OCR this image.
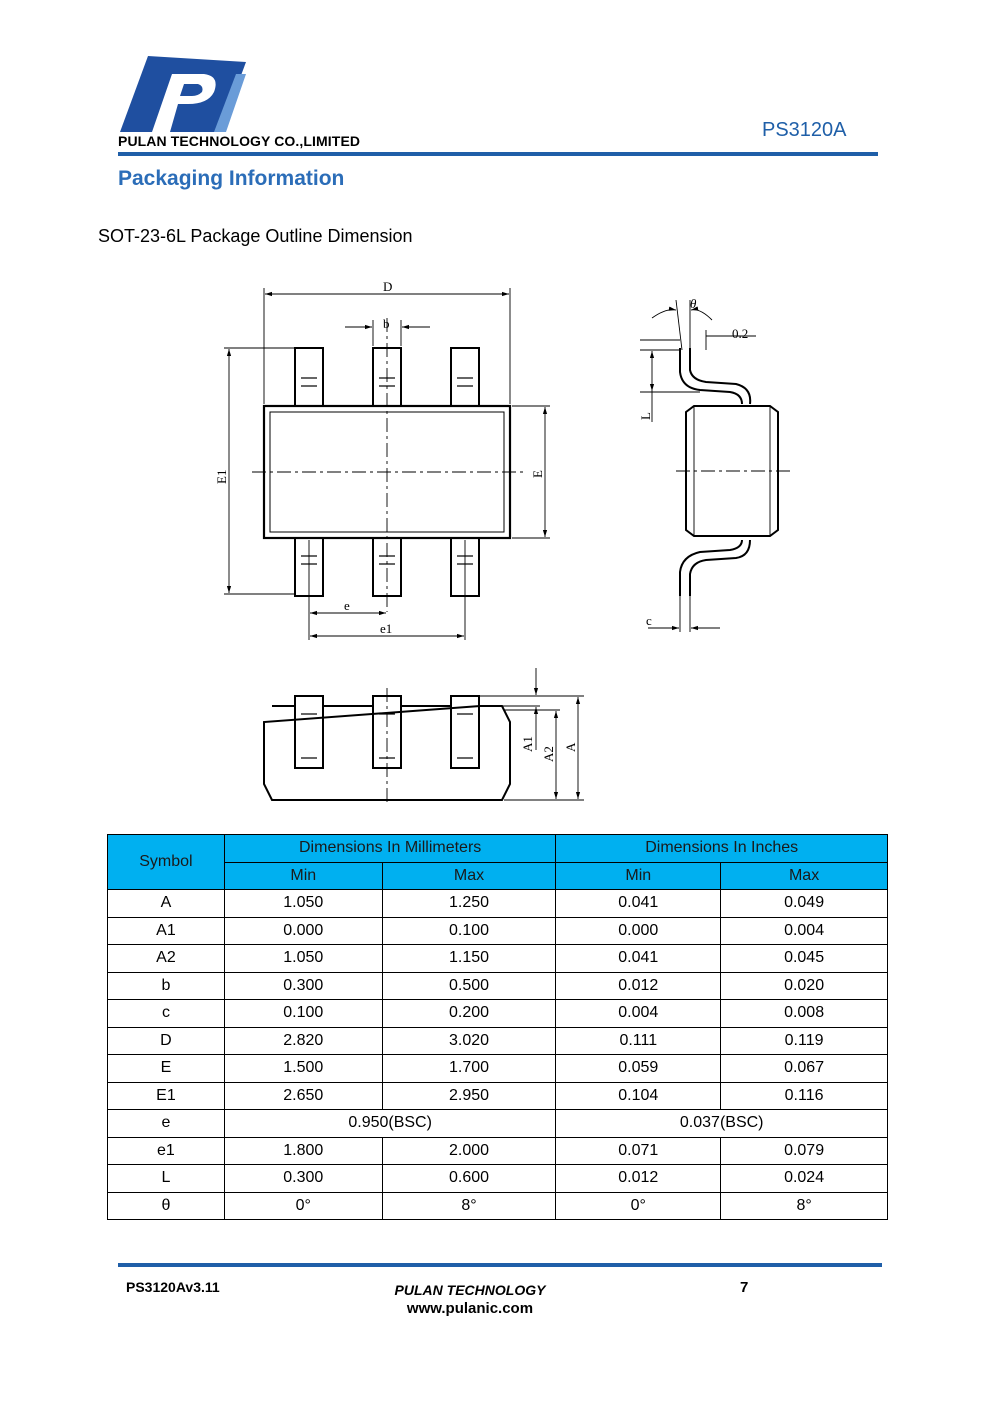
PULAN TECHNOLOGY CO.,LIMITED	PS3120A
Packaging Information
SOT-23-6L Package Outline Dimension
D
b
E1	E
e
e1
θ
0.2
L
c
A1
A2 A
Symbol	Dimensions In Millimeters		Dimensions In Inches	
	Min	Max	Min	Max
A	1.050	1.250	0.041	0.049
A1	0.000	0.100	0.000	0.004
A2	1.050	1.150	0.041	0.045
b	0.300	0.500	0.012	0.020
c	0.100	0.200	0.004	0.008
D	2.820	3.020	0.111	0.119
E	1.500	1.700	0.059	0.067
E1	2.650	2.950	0.104	0.116
e	0.950(BSC)		0.037(BSC)	
e1	1.800	2.000	0.071	0.079
L	0.300	0.600	0.012	0.024
θ	0°	8°	0°	8°
PS3120Av3.11	PULAN TECHNOLOGY
www.pulanic.com
7
